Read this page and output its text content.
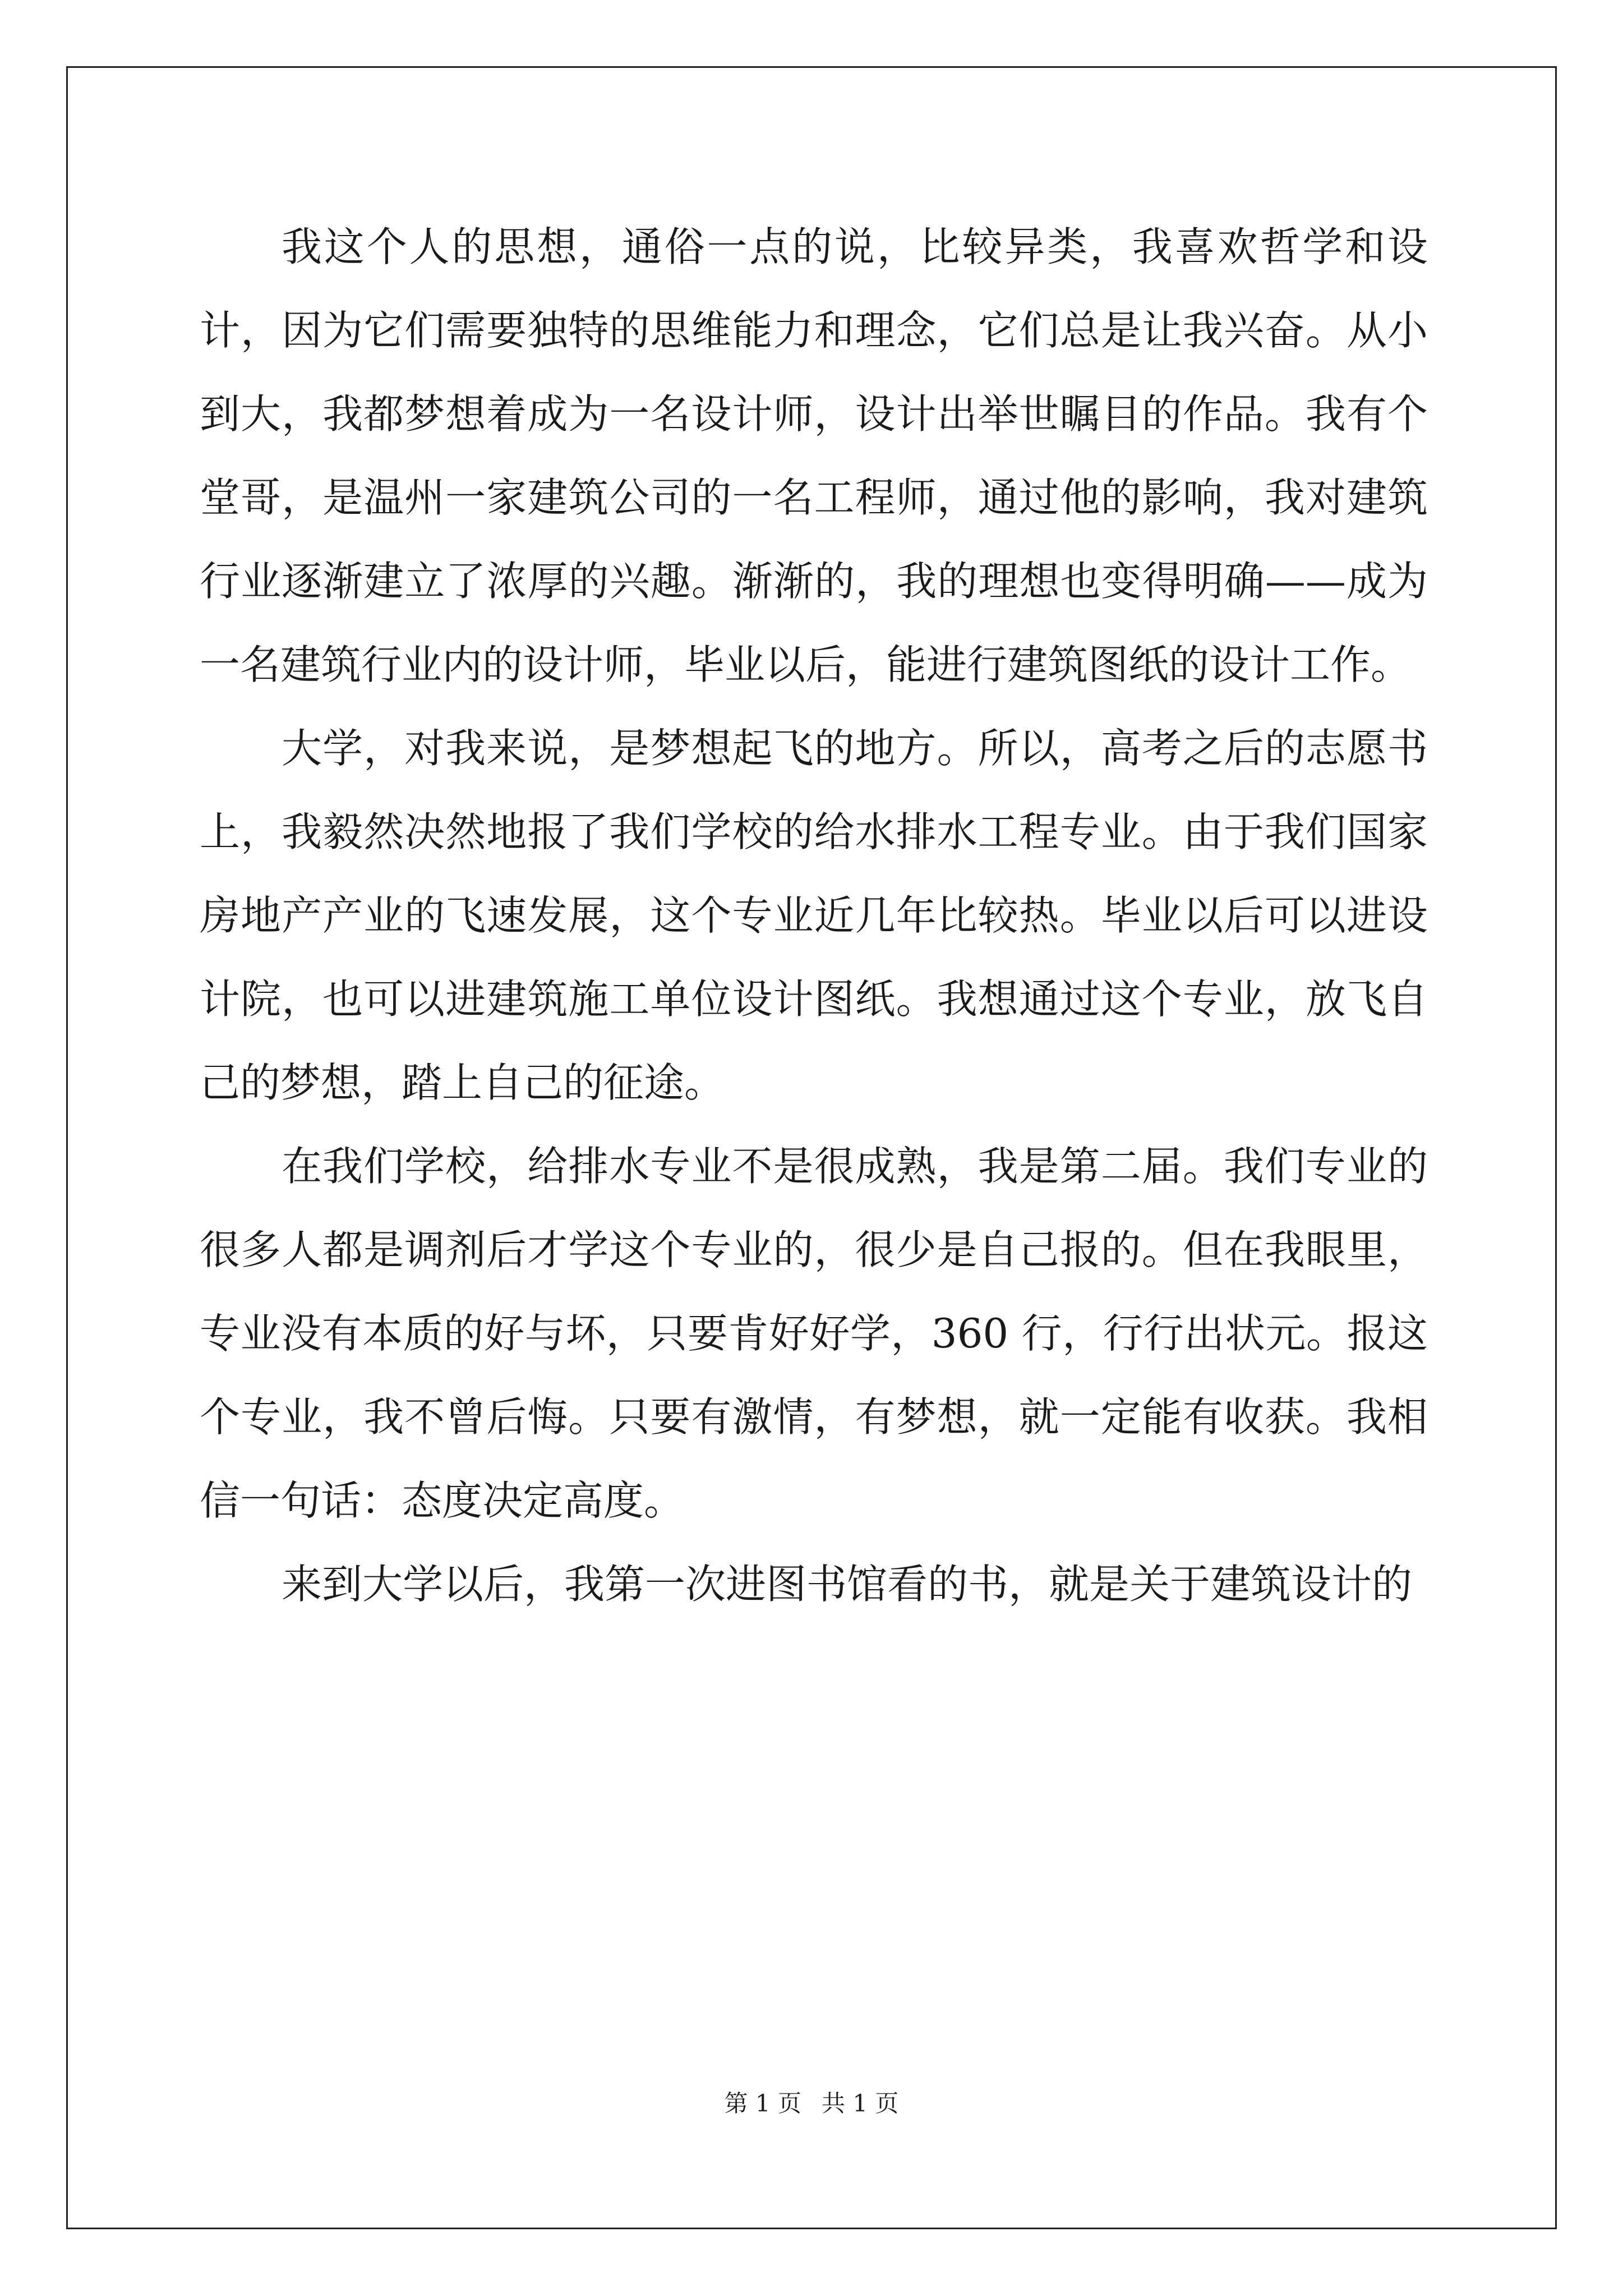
我这个人的思想，通俗一点的说，比较异类，我喜欢哲学和设计，因为它们需要独特的思维能力和理念，它们总是让我兴奋。从小到大，我都梦想着成为一名设计师，设计出举世瞩目的作品。我有个堂哥，是温州一家建筑公司的一名工程师，通过他的影响，我对建筑行业逐渐建立了浓厚的兴趣。渐渐的，我的理想也变得明确——成为一名建筑行业内的设计师，毕业以后，能进行建筑图纸的设计工作。

大学，对我来说，是梦想起飞的地方。所以，高考之后的志愿书上，我毅然决然地报了我们学校的给水排水工程专业。由于我们国家房地产产业的飞速发展，这个专业近几年比较热。毕业以后可以进设计院，也可以进建筑施工单位设计图纸。我想通过这个专业，放飞自己的梦想，踏上自己的征途。

在我们学校，给排水专业不是很成熟，我是第二届。我们专业的很多人都是调剂后才学这个专业的，很少是自己报的。但在我眼里，专业没有本质的好与坏，只要肯好好学，360 行，行行出状元。报这个专业，我不曾后悔。只要有激情，有梦想，就一定能有收获。我相信一句话：态度决定高度。

来到大学以后，我第一次进图书馆看的书，就是关于建筑设计的

第 1 页 共 1 页
